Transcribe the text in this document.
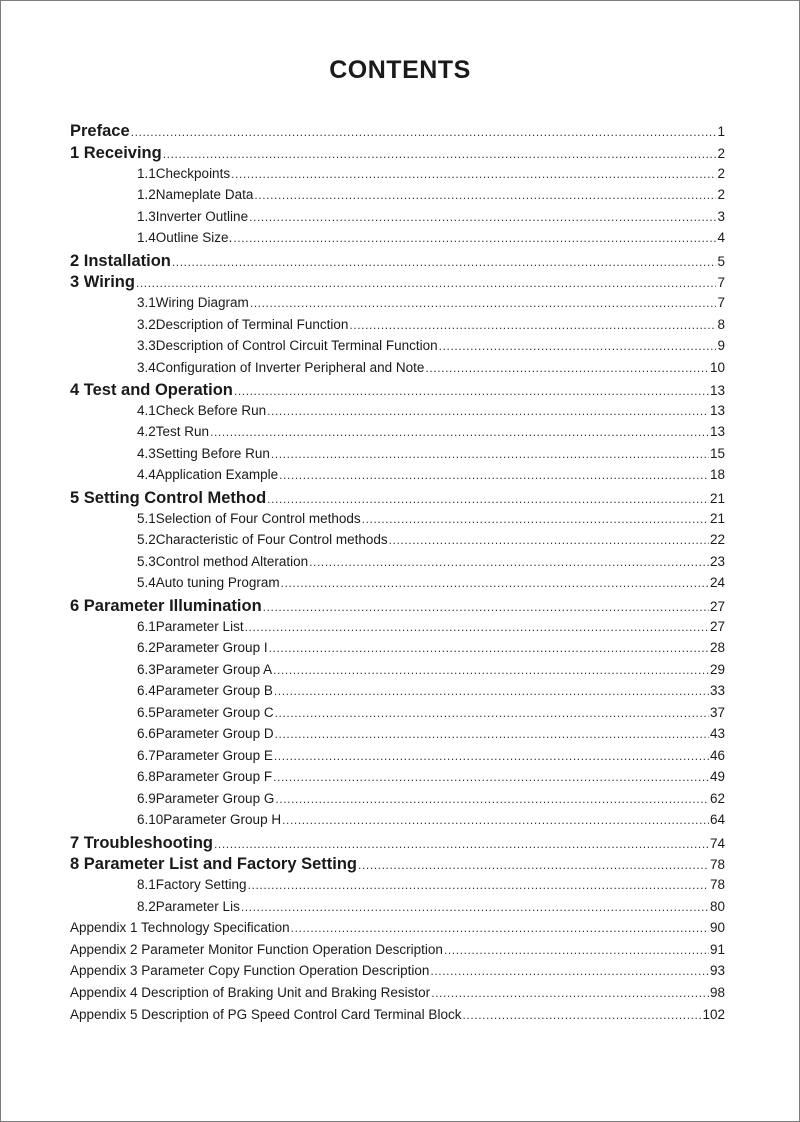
CONTENTS
Preface .....	1
1 Receiving .....	2
1.1 Checkpoints .....	2
1.2 Nameplate Data .....	2
1.3 Inverter Outline .....	3
1.4 Outline Size. .....	4
2 Installation .....	5
3 Wiring .....	7
3.1 Wiring Diagram .....	7
3.2 Description of Terminal Function .....	8
3.3 Description of Control Circuit Terminal Function .....	9
3.4 Configuration of Inverter Peripheral and Note .....	10
4 Test and Operation .....	13
4.1 Check Before Run .....	13
4.2 Test Run .....	13
4.3 Setting Before Run .....	15
4.4 Application Example .....	18
5 Setting Control Method .....	21
5.1 Selection of Four Control methods .....	21
5.2 Characteristic of Four Control methods .....	22
5.3 Control method Alteration .....	23
5.4 Auto tuning Program .....	24
6 Parameter Illumination .....	27
6.1 Parameter List .....	27
6.2 Parameter Group I .....	28
6.3 Parameter Group A .....	29
6.4 Parameter Group B .....	33
6.5 Parameter Group C .....	37
6.6 Parameter Group D .....	43
6.7 Parameter Group E .....	46
6.8 Parameter Group F .....	49
6.9 Parameter Group G .....	62
6.10 Parameter Group H .....	64
7 Troubleshooting .....	74
8 Parameter List and Factory Setting .....	78
8.1 Factory Setting .....	78
8.2 Parameter Lis .....	80
Appendix 1 Technology Specification .....	90
Appendix 2 Parameter Monitor Function Operation Description .....	91
Appendix 3 Parameter Copy Function Operation Description .....	93
Appendix 4 Description of Braking Unit and Braking Resistor .....	98
Appendix 5 Description of PG Speed Control Card Terminal Block .....	102
